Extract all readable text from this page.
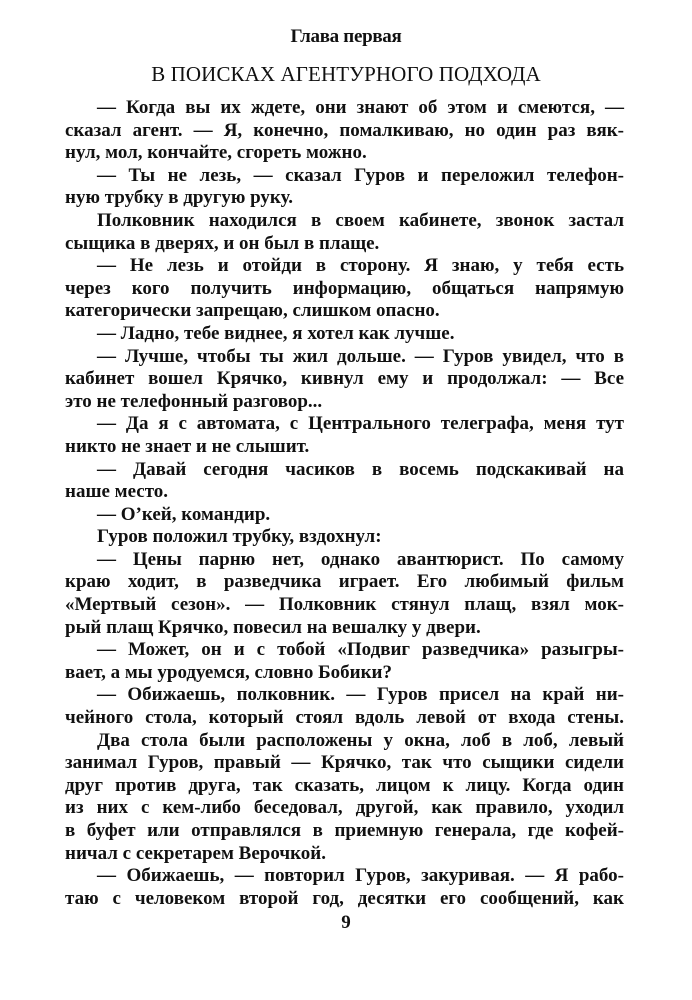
Глава первая
В ПОИСКАХ АГЕНТУРНОГО ПОДХОДА
— Когда вы их ждете, они знают об этом и смеются, —
сказал агент. — Я, конечно, помалкиваю, но один раз вяк-
нул, мол, кончайте, сгореть можно.
— Ты не лезь, — сказал Гуров и переложил телефон-
ную трубку в другую руку.
Полковник находился в своем кабинете, звонок застал
сыщика в дверях, и он был в плаще.
— Не лезь и отойди в сторону. Я знаю, у тебя есть
через кого получить информацию, общаться напрямую
категорически запрещаю, слишком опасно.
— Ладно, тебе виднее, я хотел как лучше.
— Лучше, чтобы ты жил дольше. — Гуров увидел, что в
кабинет вошел Крячко, кивнул ему и продолжал: — Все
это не телефонный разговор...
— Да я с автомата, с Центрального телеграфа, меня тут
никто не знает и не слышит.
— Давай сегодня часиков в восемь подскакивай на
наше место.
— О’кей, командир.
Гуров положил трубку, вздохнул:
— Цены парню нет, однако авантюрист. По самому
краю ходит, в разведчика играет. Его любимый фильм
«Мертвый сезон». — Полковник стянул плащ, взял мок-
рый плащ Крячко, повесил на вешалку у двери.
— Может, он и с тобой «Подвиг разведчика» разыгры-
вает, а мы уродуемся, словно Бобики?
— Обижаешь, полковник. — Гуров присел на край ни-
чейного стола, который стоял вдоль левой от входа стены.
Два стола были расположены у окна, лоб в лоб, левый
занимал Гуров, правый — Крячко, так что сыщики сидели
друг против друга, так сказать, лицом к лицу. Когда один
из них с кем-либо беседовал, другой, как правило, уходил
в буфет или отправлялся в приемную генерала, где кофей-
ничал с секретарем Верочкой.
— Обижаешь, — повторил Гуров, закуривая. — Я рабо-
таю с человеком второй год, десятки его сообщений, как
9
